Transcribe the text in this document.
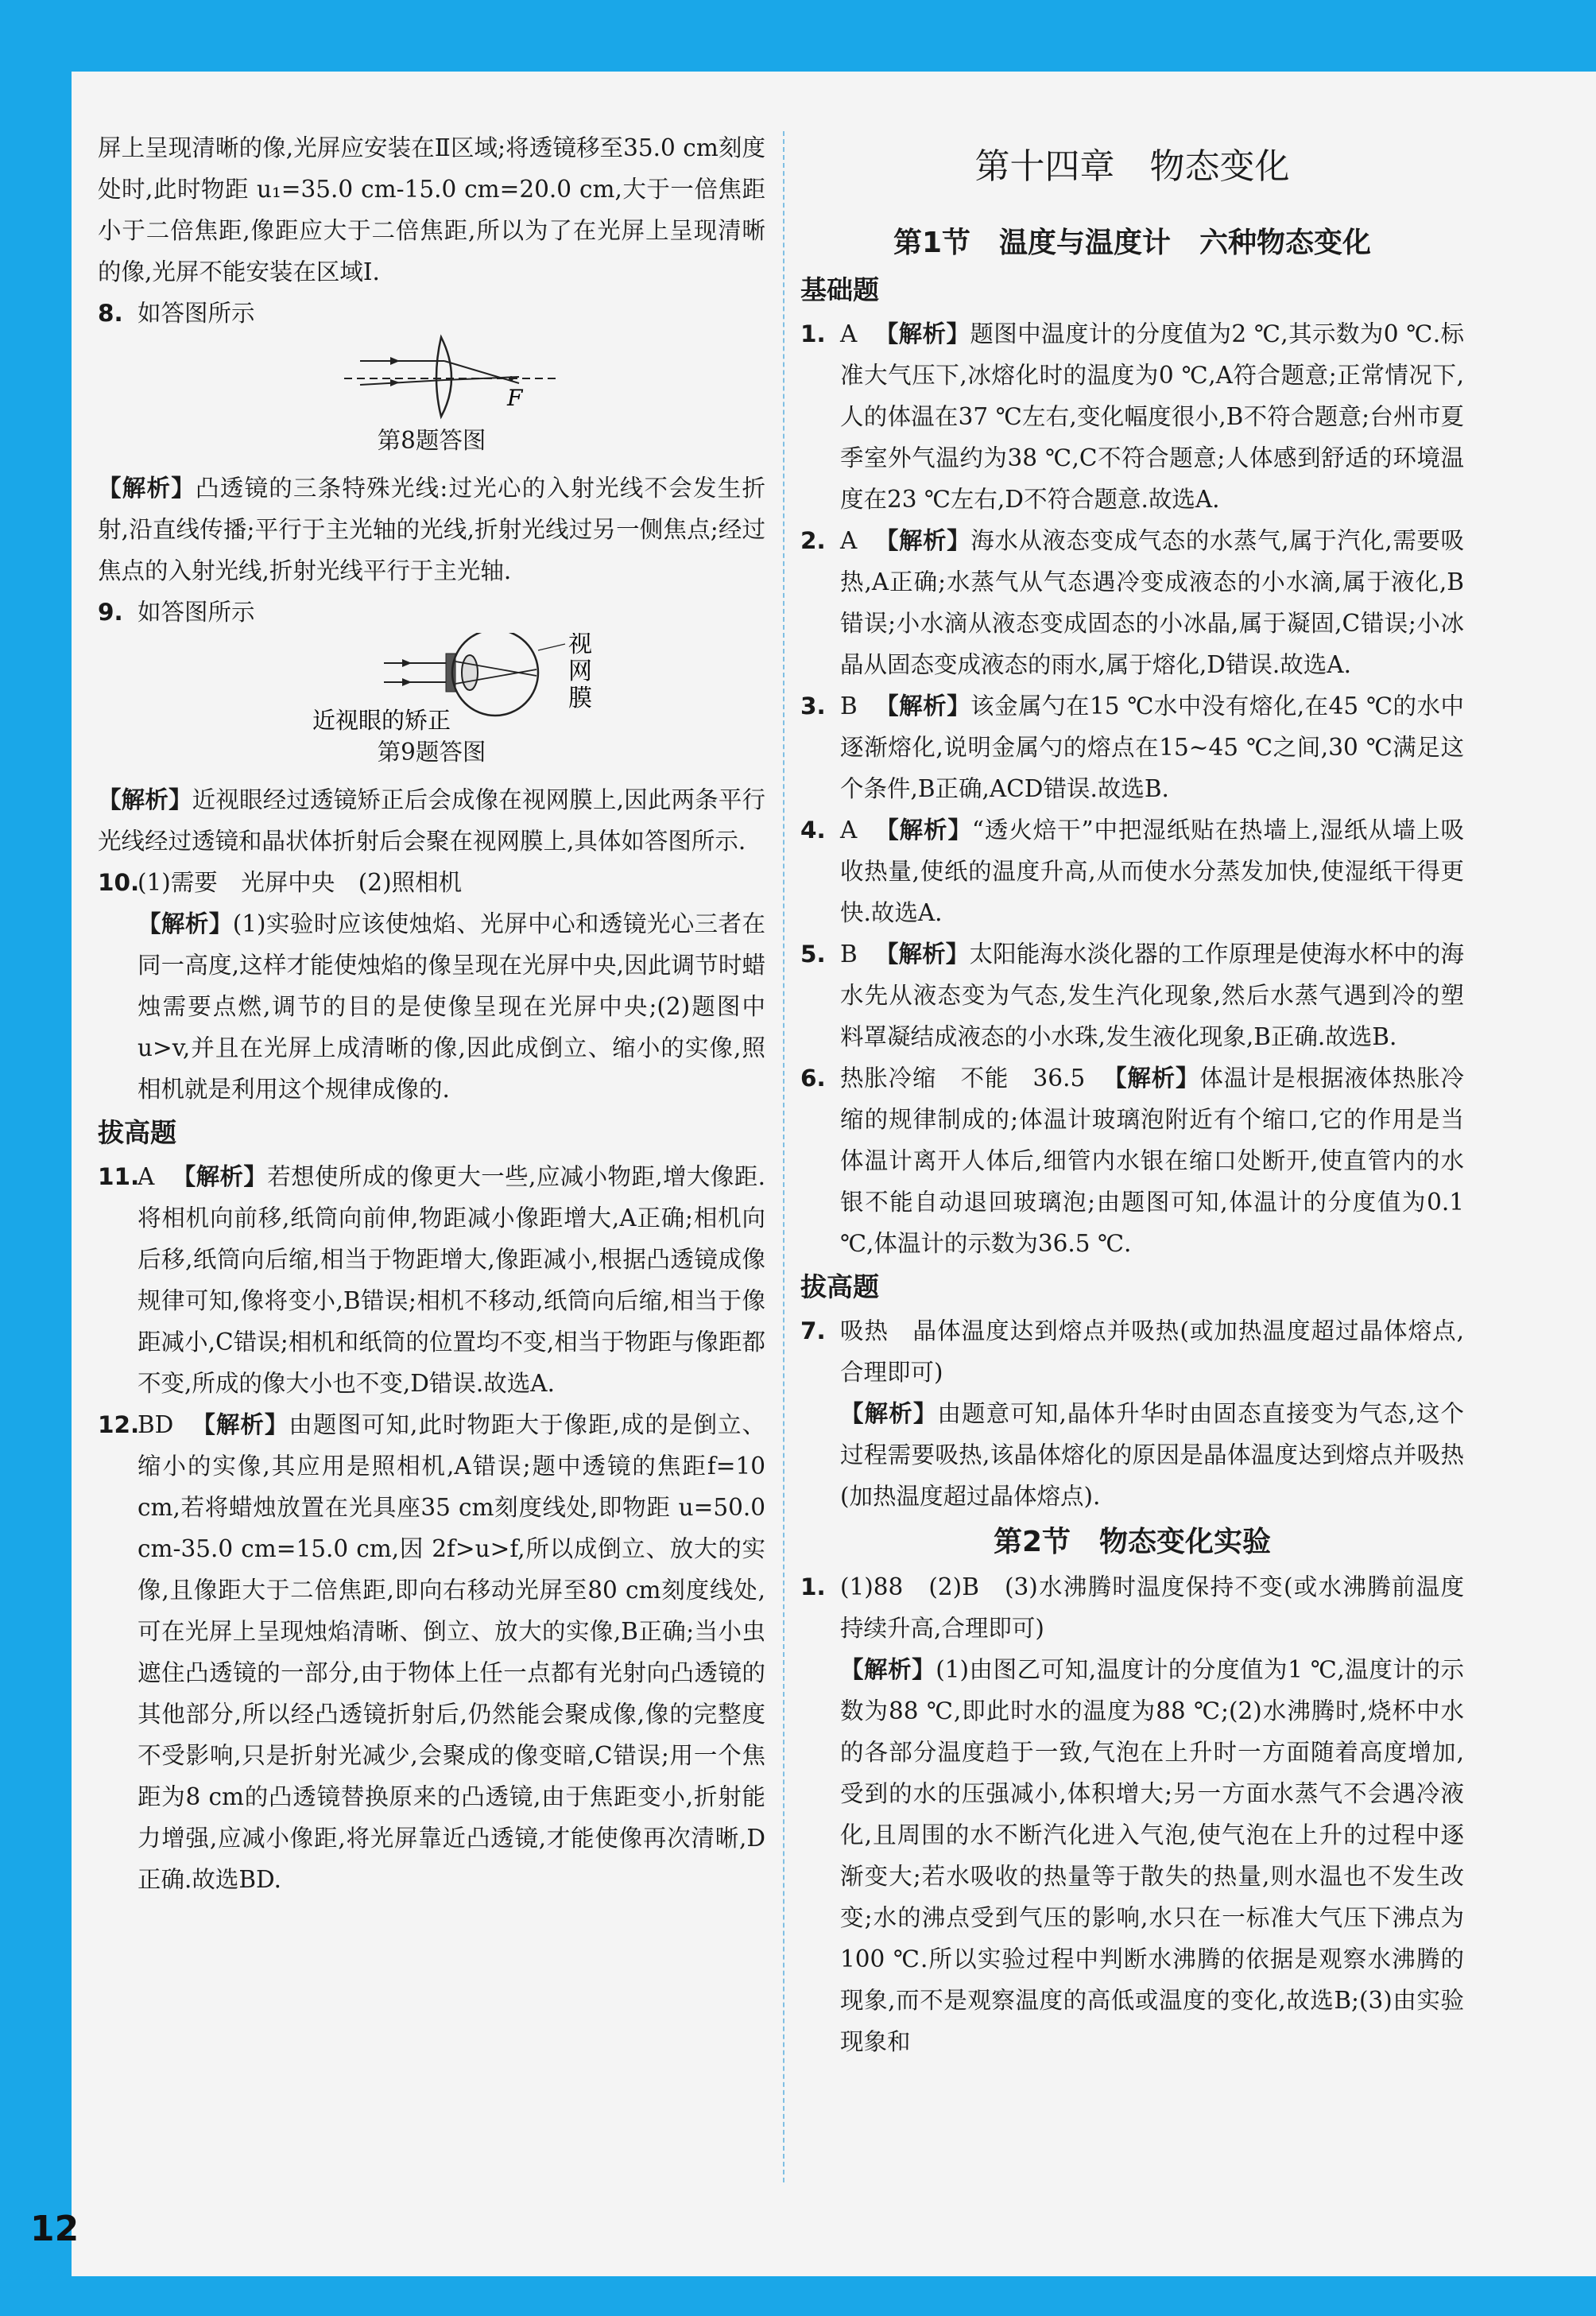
屏上呈现清晰的像,光屏应安装在Ⅱ区域;将透镜移至35.0 cm刻度处时,此时物距 u₁=35.0 cm-15.0 cm=20.0 cm,大于一倍焦距小于二倍焦距,像距应大于二倍焦距,所以为了在光屏上呈现清晰的像,光屏不能安装在区域Ⅰ.

8. 如答图所示
F

第8题答图

【解析】凸透镜的三条特殊光线:过光心的入射光线不会发生折射,沿直线传播;平行于主光轴的光线,折射光线过另一侧焦点;经过焦点的入射光线,折射光线平行于主光轴.

9. 如答图所示
视
网
膜
近视眼的矫正

第9题答图

【解析】近视眼经过透镜矫正后会成像在视网膜上,因此两条平行光线经过透镜和晶状体折射后会聚在视网膜上,具体如答图所示.

10.
(1)需要　光屏中央　(2)照相机

【解析】(1)实验时应该使烛焰、光屏中心和透镜光心三者在同一高度,这样才能使烛焰的像呈现在光屏中央,因此调节时蜡烛需要点燃,调节的目的是使像呈现在光屏中央;(2)题图中 u>v,并且在光屏上成清晰的像,因此成倒立、缩小的实像,照相机就是利用这个规律成像的.

拔高题
11.
A 【解析】若想使所成的像更大一些,应减小物距,增大像距.将相机向前移,纸筒向前伸,物距减小像距增大,A正确;相机向后移,纸筒向后缩,相当于物距增大,像距减小,根据凸透镜成像规律可知,像将变小,B错误;相机不移动,纸筒向后缩,相当于像距减小,C错误;相机和纸筒的位置均不变,相当于物距与像距都不变,所成的像大小也不变,D错误.故选A.
12.
BD 【解析】由题图可知,此时物距大于像距,成的是倒立、缩小的实像,其应用是照相机,A错误;题中透镜的焦距f=10 cm,若将蜡烛放置在光具座35 cm刻度线处,即物距 u=50.0 cm-35.0 cm=15.0 cm,因 2f>u>f,所以成倒立、放大的实像,且像距大于二倍焦距,即向右移动光屏至80 cm刻度线处,可在光屏上呈现烛焰清晰、倒立、放大的实像,B正确;当小虫遮住凸透镜的一部分,由于物体上任一点都有光射向凸透镜的其他部分,所以经凸透镜折射后,仍然能会聚成像,像的完整度不受影响,只是折射光减少,会聚成的像变暗,C错误;用一个焦距为8 cm的凸透镜替换原来的凸透镜,由于焦距变小,折射能力增强,应减小像距,将光屏靠近凸透镜,才能使像再次清晰,D正确.故选BD.
第十四章　物态变化
第1节　温度与温度计　六种物态变化
基础题
1. A 【解析】题图中温度计的分度值为2 ℃,其示数为0 ℃.标准大气压下,冰熔化时的温度为0 ℃,A符合题意;正常情况下,人的体温在37 ℃左右,变化幅度很小,B不符合题意;台州市夏季室外气温约为38 ℃,C不符合题意;人体感到舒适的环境温度在23 ℃左右,D不符合题意.故选A.
2. A 【解析】海水从液态变成气态的水蒸气,属于汽化,需要吸热,A正确;水蒸气从气态遇冷变成液态的小水滴,属于液化,B错误;小水滴从液态变成固态的小冰晶,属于凝固,C错误;小冰晶从固态变成液态的雨水,属于熔化,D错误.故选A.
3. B 【解析】该金属勺在15 ℃水中没有熔化,在45 ℃的水中逐渐熔化,说明金属勺的熔点在15~45 ℃之间,30 ℃满足这个条件,B正确,ACD错误.故选B.
4. A 【解析】“透火焙干”中把湿纸贴在热墙上,湿纸从墙上吸收热量,使纸的温度升高,从而使水分蒸发加快,使湿纸干得更快.故选A.
5. B 【解析】太阳能海水淡化器的工作原理是使海水杯中的海水先从液态变为气态,发生汽化现象,然后水蒸气遇到冷的塑料罩凝结成液态的小水珠,发生液化现象,B正确.故选B.
6. 热胀冷缩　不能　36.5 【解析】体温计是根据液体热胀冷缩的规律制成的;体温计玻璃泡附近有个缩口,它的作用是当体温计离开人体后,细管内水银在缩口处断开,使直管内的水银不能自动退回玻璃泡;由题图可知,体温计的分度值为0.1 ℃,体温计的示数为36.5 ℃.
拔高题
7. 吸热　晶体温度达到熔点并吸热(或加热温度超过晶体熔点,合理即可)

【解析】由题意可知,晶体升华时由固态直接变为气态,这个过程需要吸热,该晶体熔化的原因是晶体温度达到熔点并吸热(加热温度超过晶体熔点).

第2节　物态变化实验
1. (1)88　(2)B　(3)水沸腾时温度保持不变(或水沸腾前温度持续升高,合理即可)

【解析】(1)由图乙可知,温度计的分度值为1 ℃,温度计的示数为88 ℃,即此时水的温度为88 ℃;(2)水沸腾时,烧杯中水的各部分温度趋于一致,气泡在上升时一方面随着高度增加,受到的水的压强减小,体积增大;另一方面水蒸气不会遇冷液化,且周围的水不断汽化进入气泡,使气泡在上升的过程中逐渐变大;若水吸收的热量等于散失的热量,则水温也不发生改变;水的沸点受到气压的影响,水只在一标准大气压下沸点为100 ℃.所以实验过程中判断水沸腾的依据是观察水沸腾的现象,而不是观察温度的高低或温度的变化,故选B;(3)由实验现象和

12
